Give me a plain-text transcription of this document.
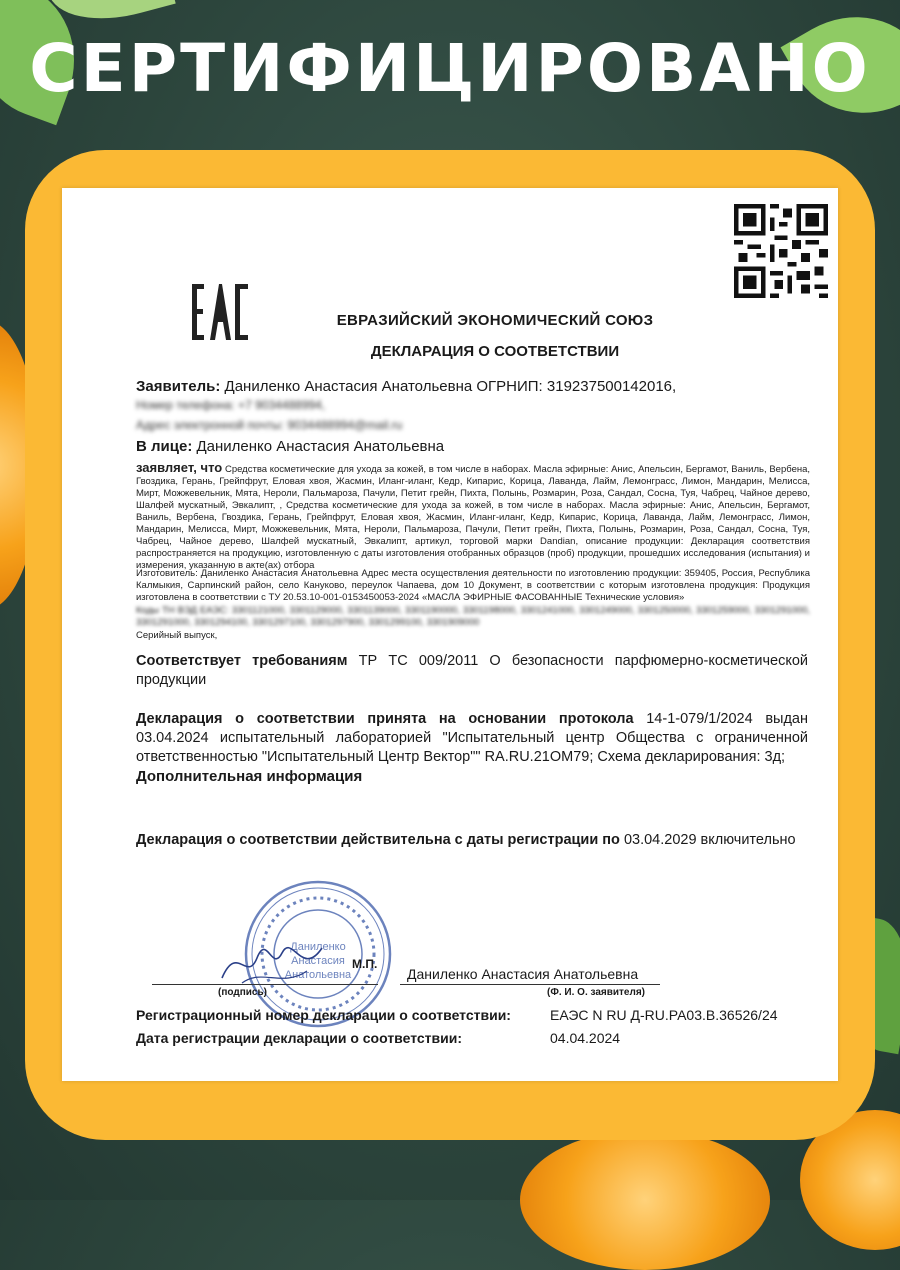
СЕРТИФИЦИРОВАНО
ЕВРАЗИЙСКИЙ ЭКОНОМИЧЕСКИЙ СОЮЗ
ДЕКЛАРАЦИЯ О СООТВЕТСТВИИ
Заявитель: Даниленко Анастасия Анатольевна ОГРНИП: 319237500142016,
Номер телефона: +7 9034488994,
Адрес электронной почты: 9034488994@mail.ru
В лице: Даниленко Анастасия Анатольевна
заявляет, что Средства косметические для ухода за кожей, в том числе в наборах. Масла эфирные: Анис, Апельсин, Бергамот, Ваниль, Вербена, Гвоздика, Герань, Грейпфрут, Еловая хвоя, Жасмин, Иланг-иланг, Кедр, Кипарис, Корица, Лаванда, Лайм, Лемонграсс, Лимон, Мандарин, Мелисса, Мирт, Можжевельник, Мята, Нероли, Пальмароза, Пачули, Петит грейн, Пихта, Полынь, Розмарин, Роза, Сандал, Сосна, Туя, Чабрец, Чайное дерево, Шалфей мускатный, Эвкалипт, , Средства косметические для ухода за кожей, в том числе в наборах. Масла эфирные: Анис, Апельсин, Бергамот, Ваниль, Вербена, Гвоздика, Герань, Грейпфрут, Еловая хвоя, Жасмин, Иланг-иланг, Кедр, Кипарис, Корица, Лаванда, Лайм, Лемонграсс, Лимон, Мандарин, Мелисса, Мирт, Можжевельник, Мята, Нероли, Пальмароза, Пачули, Петит грейн, Пихта, Полынь, Розмарин, Роза, Сандал, Сосна, Туя, Чабрец, Чайное дерево, Шалфей мускатный, Эвкалипт, артикул, торговой марки Dandian, описание продукции: Декларация соответствия распространяется на продукцию, изготовленную с даты изготовления отобранных образцов (проб) продукции, прошедших исследования (испытания) и измерения, указанную в акте(ах) отбора
Изготовитель: Даниленко Анастасия Анатольевна Адрес места осуществления деятельности по изготовлению продукции: 359405, Россия, Республика Калмыкия, Сарпинский район, село Кануково, переулок Чапаева, дом 10 Документ, в соответствии с которым изготовлена продукция: Продукция изготовлена в соответствии с ТУ 20.53.10-001-0153450053-2024 «МАСЛА ЭФИРНЫЕ ФАСОВАННЫЕ Технические условия»
Коды ТН ВЭД ЕАЭС: 3301121000, 3301129000, 3301139000, 3301190000, 3301198000, 3301241000, 3301249000, 3301250000, 3301259000, 3301291000, 3301291000, 3301294100, 3301297100, 3301297900, 3301299100, 3301909000
Серийный выпуск,
Соответствует требованиям ТР ТС 009/2011 О безопасности парфюмерно-косметической продукции
Декларация о соответствии принята на основании протокола 14-1-079/1/2024 выдан 03.04.2024 испытательный лабораторией "Испытательный центр Общества с ограниченной ответственностью "Испытательный Центр Вектор"" RA.RU.21ОМ79; Схема декларирования: 3д;
Дополнительная информация
Декларация о соответствии действительна с даты регистрации по 03.04.2029 включительно
Даниленко
Анастасия
Анатольевна
М.П.
(подпись)
Даниленко Анастасия Анатольевна
(Ф. И. О. заявителя)
Регистрационный номер декларации о соответствии:	ЕАЭС N RU Д-RU.PA03.B.36526/24
Дата регистрации декларации о соответствии:	04.04.2024
